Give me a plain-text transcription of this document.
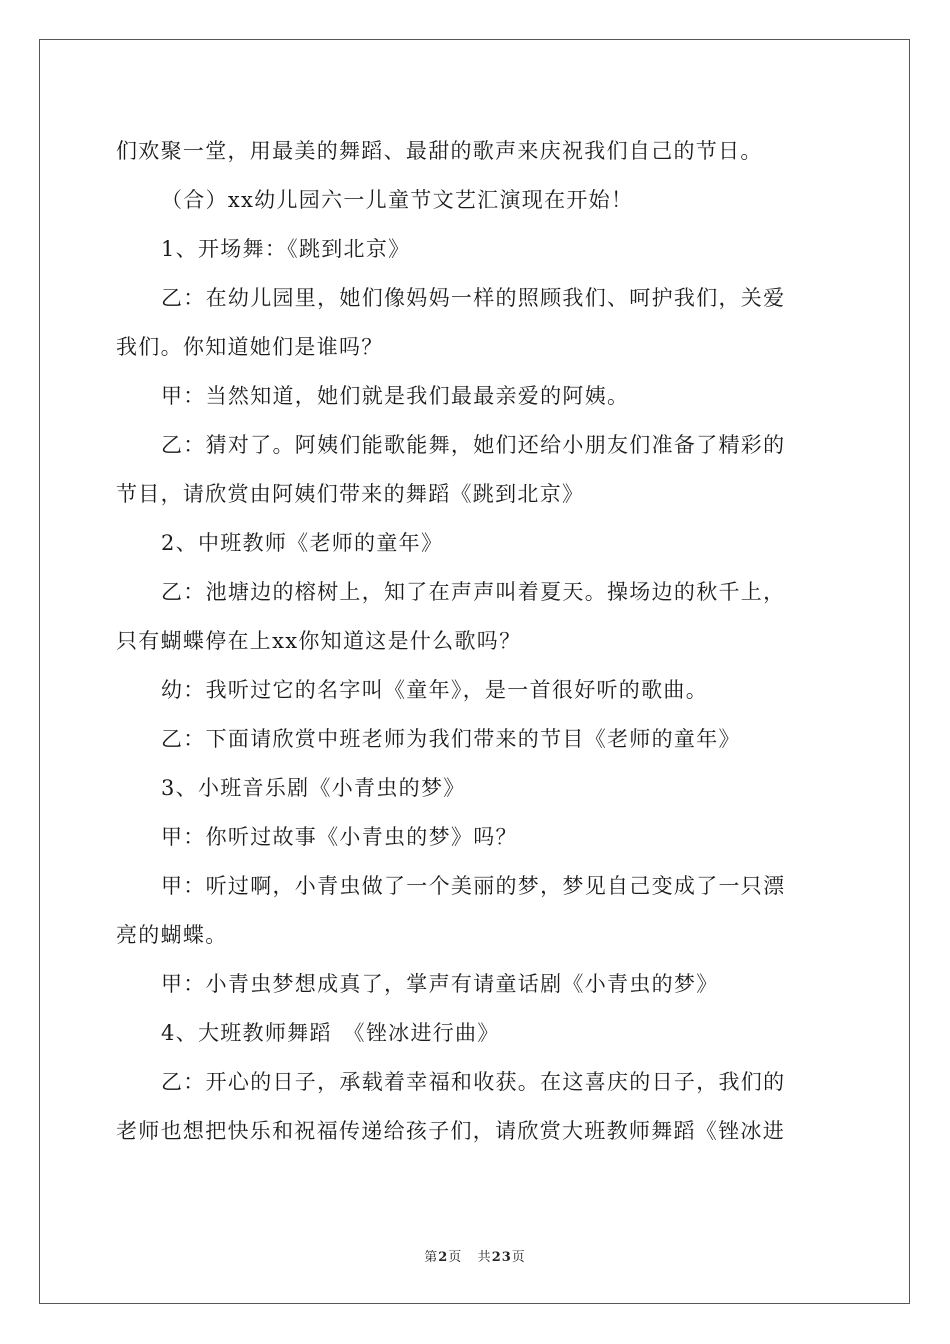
们欢聚一堂，用最美的舞蹈、最甜的歌声来庆祝我们自己的节日。
（合）xx幼儿园六一儿童节文艺汇演现在开始！
1、开场舞：《跳到北京》
乙：在幼儿园里，她们像妈妈一样的照顾我们、呵护我们，关爱
我们。你知道她们是谁吗？
甲：当然知道，她们就是我们最最亲爱的阿姨。
乙：猜对了。阿姨们能歌能舞，她们还给小朋友们准备了精彩的
节目，请欣赏由阿姨们带来的舞蹈《跳到北京》
2、中班教师《老师的童年》
乙：池塘边的榕树上，知了在声声叫着夏天。操场边的秋千上，
只有蝴蝶停在上xx你知道这是什么歌吗？
幼：我听过它的名字叫《童年》，是一首很好听的歌曲。
乙：下面请欣赏中班老师为我们带来的节目《老师的童年》
3、小班音乐剧《小青虫的梦》
甲：你听过故事《小青虫的梦》吗？
甲：听过啊，小青虫做了一个美丽的梦，梦见自己变成了一只漂
亮的蝴蝶。
甲：小青虫梦想成真了，掌声有请童话剧《小青虫的梦》
4、大班教师舞蹈　《锉冰进行曲》
乙：开心的日子，承载着幸福和收获。在这喜庆的日子，我们的
老师也想把快乐和祝福传递给孩子们，请欣赏大班教师舞蹈《锉冰进
第2页 共23页
